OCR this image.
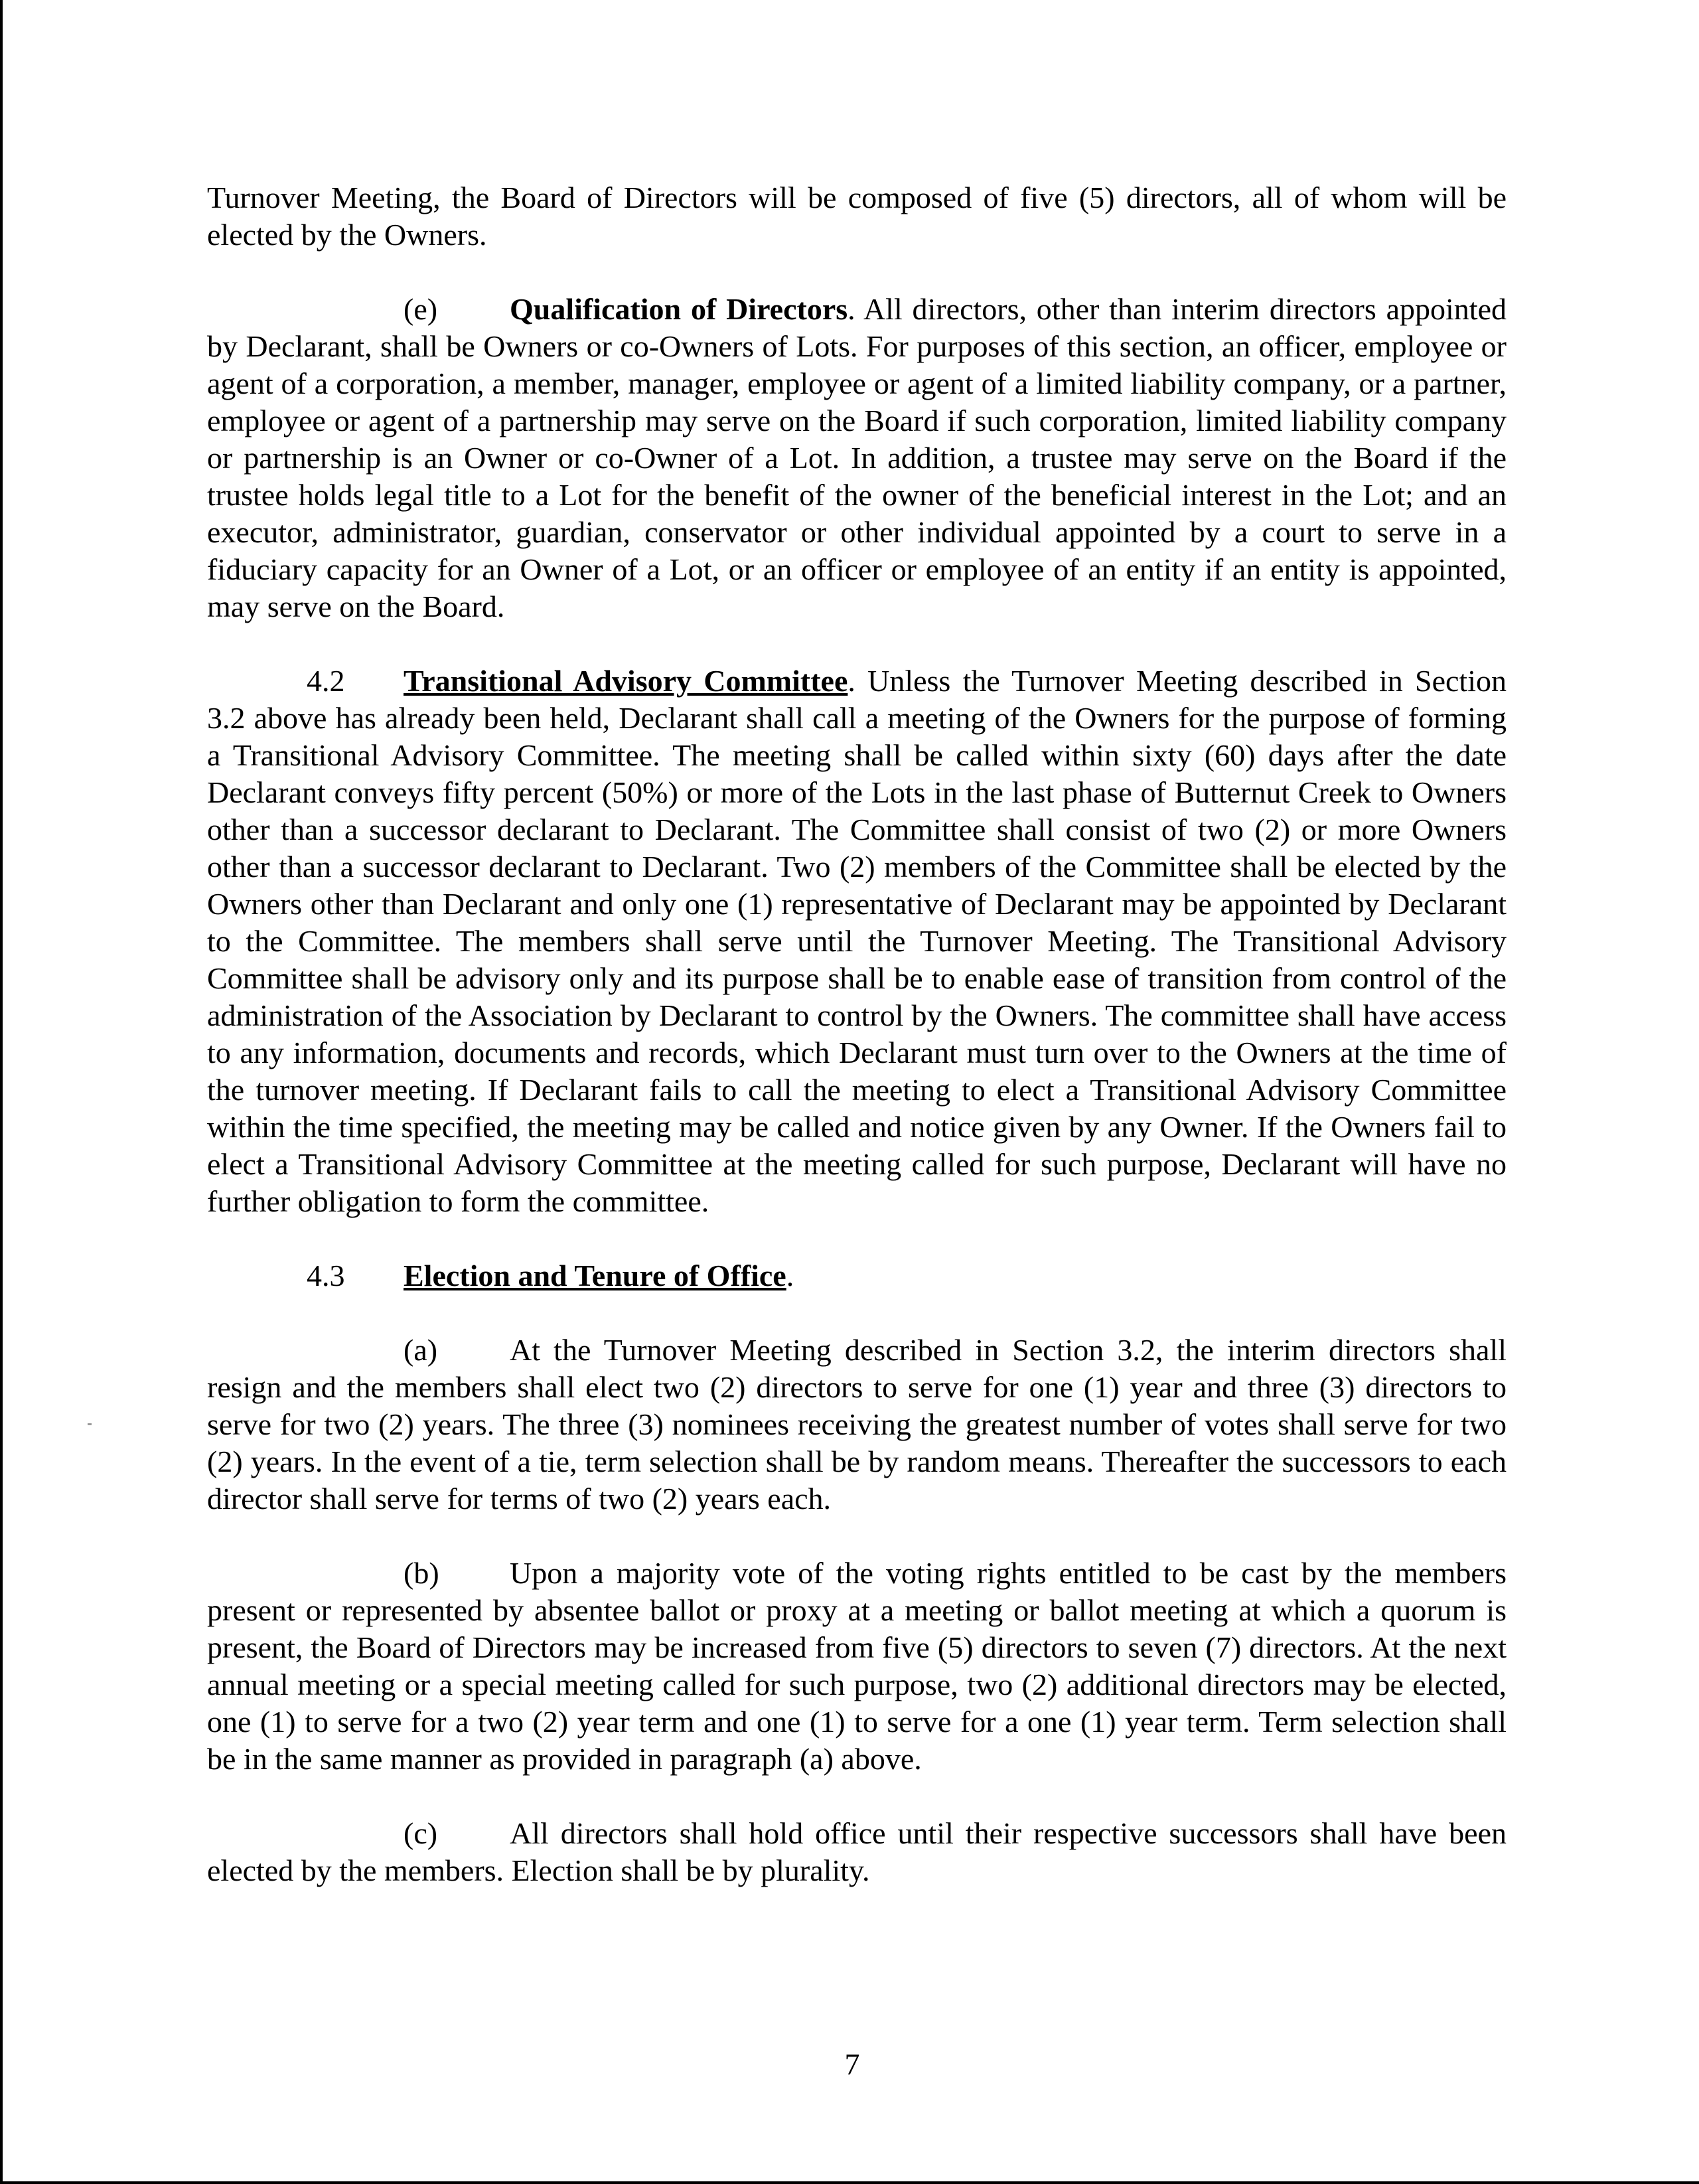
Turnover Meeting, the Board of Directors will be composed of five (5) directors, all of whom will be elected by the Owners.

(e) Qualification of Directors. All directors, other than interim directors appointed by Declarant, shall be Owners or co-Owners of Lots. For purposes of this section, an officer, employee or agent of a corporation, a member, manager, employee or agent of a limited liability company, or a partner, employee or agent of a partnership may serve on the Board if such corporation, limited liability company or partnership is an Owner or co-Owner of a Lot. In addition, a trustee may serve on the Board if the trustee holds legal title to a Lot for the benefit of the owner of the beneficial interest in the Lot; and an executor, administrator, guardian, conservator or other individual appointed by a court to serve in a fiduciary capacity for an Owner of a Lot, or an officer or employee of an entity if an entity is appointed, may serve on the Board.

4.2 Transitional Advisory Committee. Unless the Turnover Meeting described in Section 3.2 above has already been held, Declarant shall call a meeting of the Owners for the purpose of forming a Transitional Advisory Committee. The meeting shall be called within sixty (60) days after the date Declarant conveys fifty percent (50%) or more of the Lots in the last phase of Butternut Creek to Owners other than a successor declarant to Declarant. The Committee shall consist of two (2) or more Owners other than a successor declarant to Declarant. Two (2) members of the Committee shall be elected by the Owners other than Declarant and only one (1) representative of Declarant may be appointed by Declarant to the Committee. The members shall serve until the Turnover Meeting. The Transitional Advisory Committee shall be advisory only and its purpose shall be to enable ease of transition from control of the administration of the Association by Declarant to control by the Owners. The committee shall have access to any information, documents and records, which Declarant must turn over to the Owners at the time of the turnover meeting. If Declarant fails to call the meeting to elect a Transitional Advisory Committee within the time specified, the meeting may be called and notice given by any Owner. If the Owners fail to elect a Transitional Advisory Committee at the meeting called for such purpose, Declarant will have no further obligation to form the committee.

4.3 Election and Tenure of Office.

(a) At the Turnover Meeting described in Section 3.2, the interim directors shall resign and the members shall elect two (2) directors to serve for one (1) year and three (3) directors to serve for two (2) years. The three (3) nominees receiving the greatest number of votes shall serve for two (2) years. In the event of a tie, term selection shall be by random means. Thereafter the successors to each director shall serve for terms of two (2) years each.

(b) Upon a majority vote of the voting rights entitled to be cast by the members present or represented by absentee ballot or proxy at a meeting or ballot meeting at which a quorum is present, the Board of Directors may be increased from five (5) directors to seven (7) directors. At the next annual meeting or a special meeting called for such purpose, two (2) additional directors may be elected, one (1) to serve for a two (2) year term and one (1) to serve for a one (1) year term. Term selection shall be in the same manner as provided in paragraph (a) above.

(c) All directors shall hold office until their respective successors shall have been elected by the members. Election shall be by plurality.

7
